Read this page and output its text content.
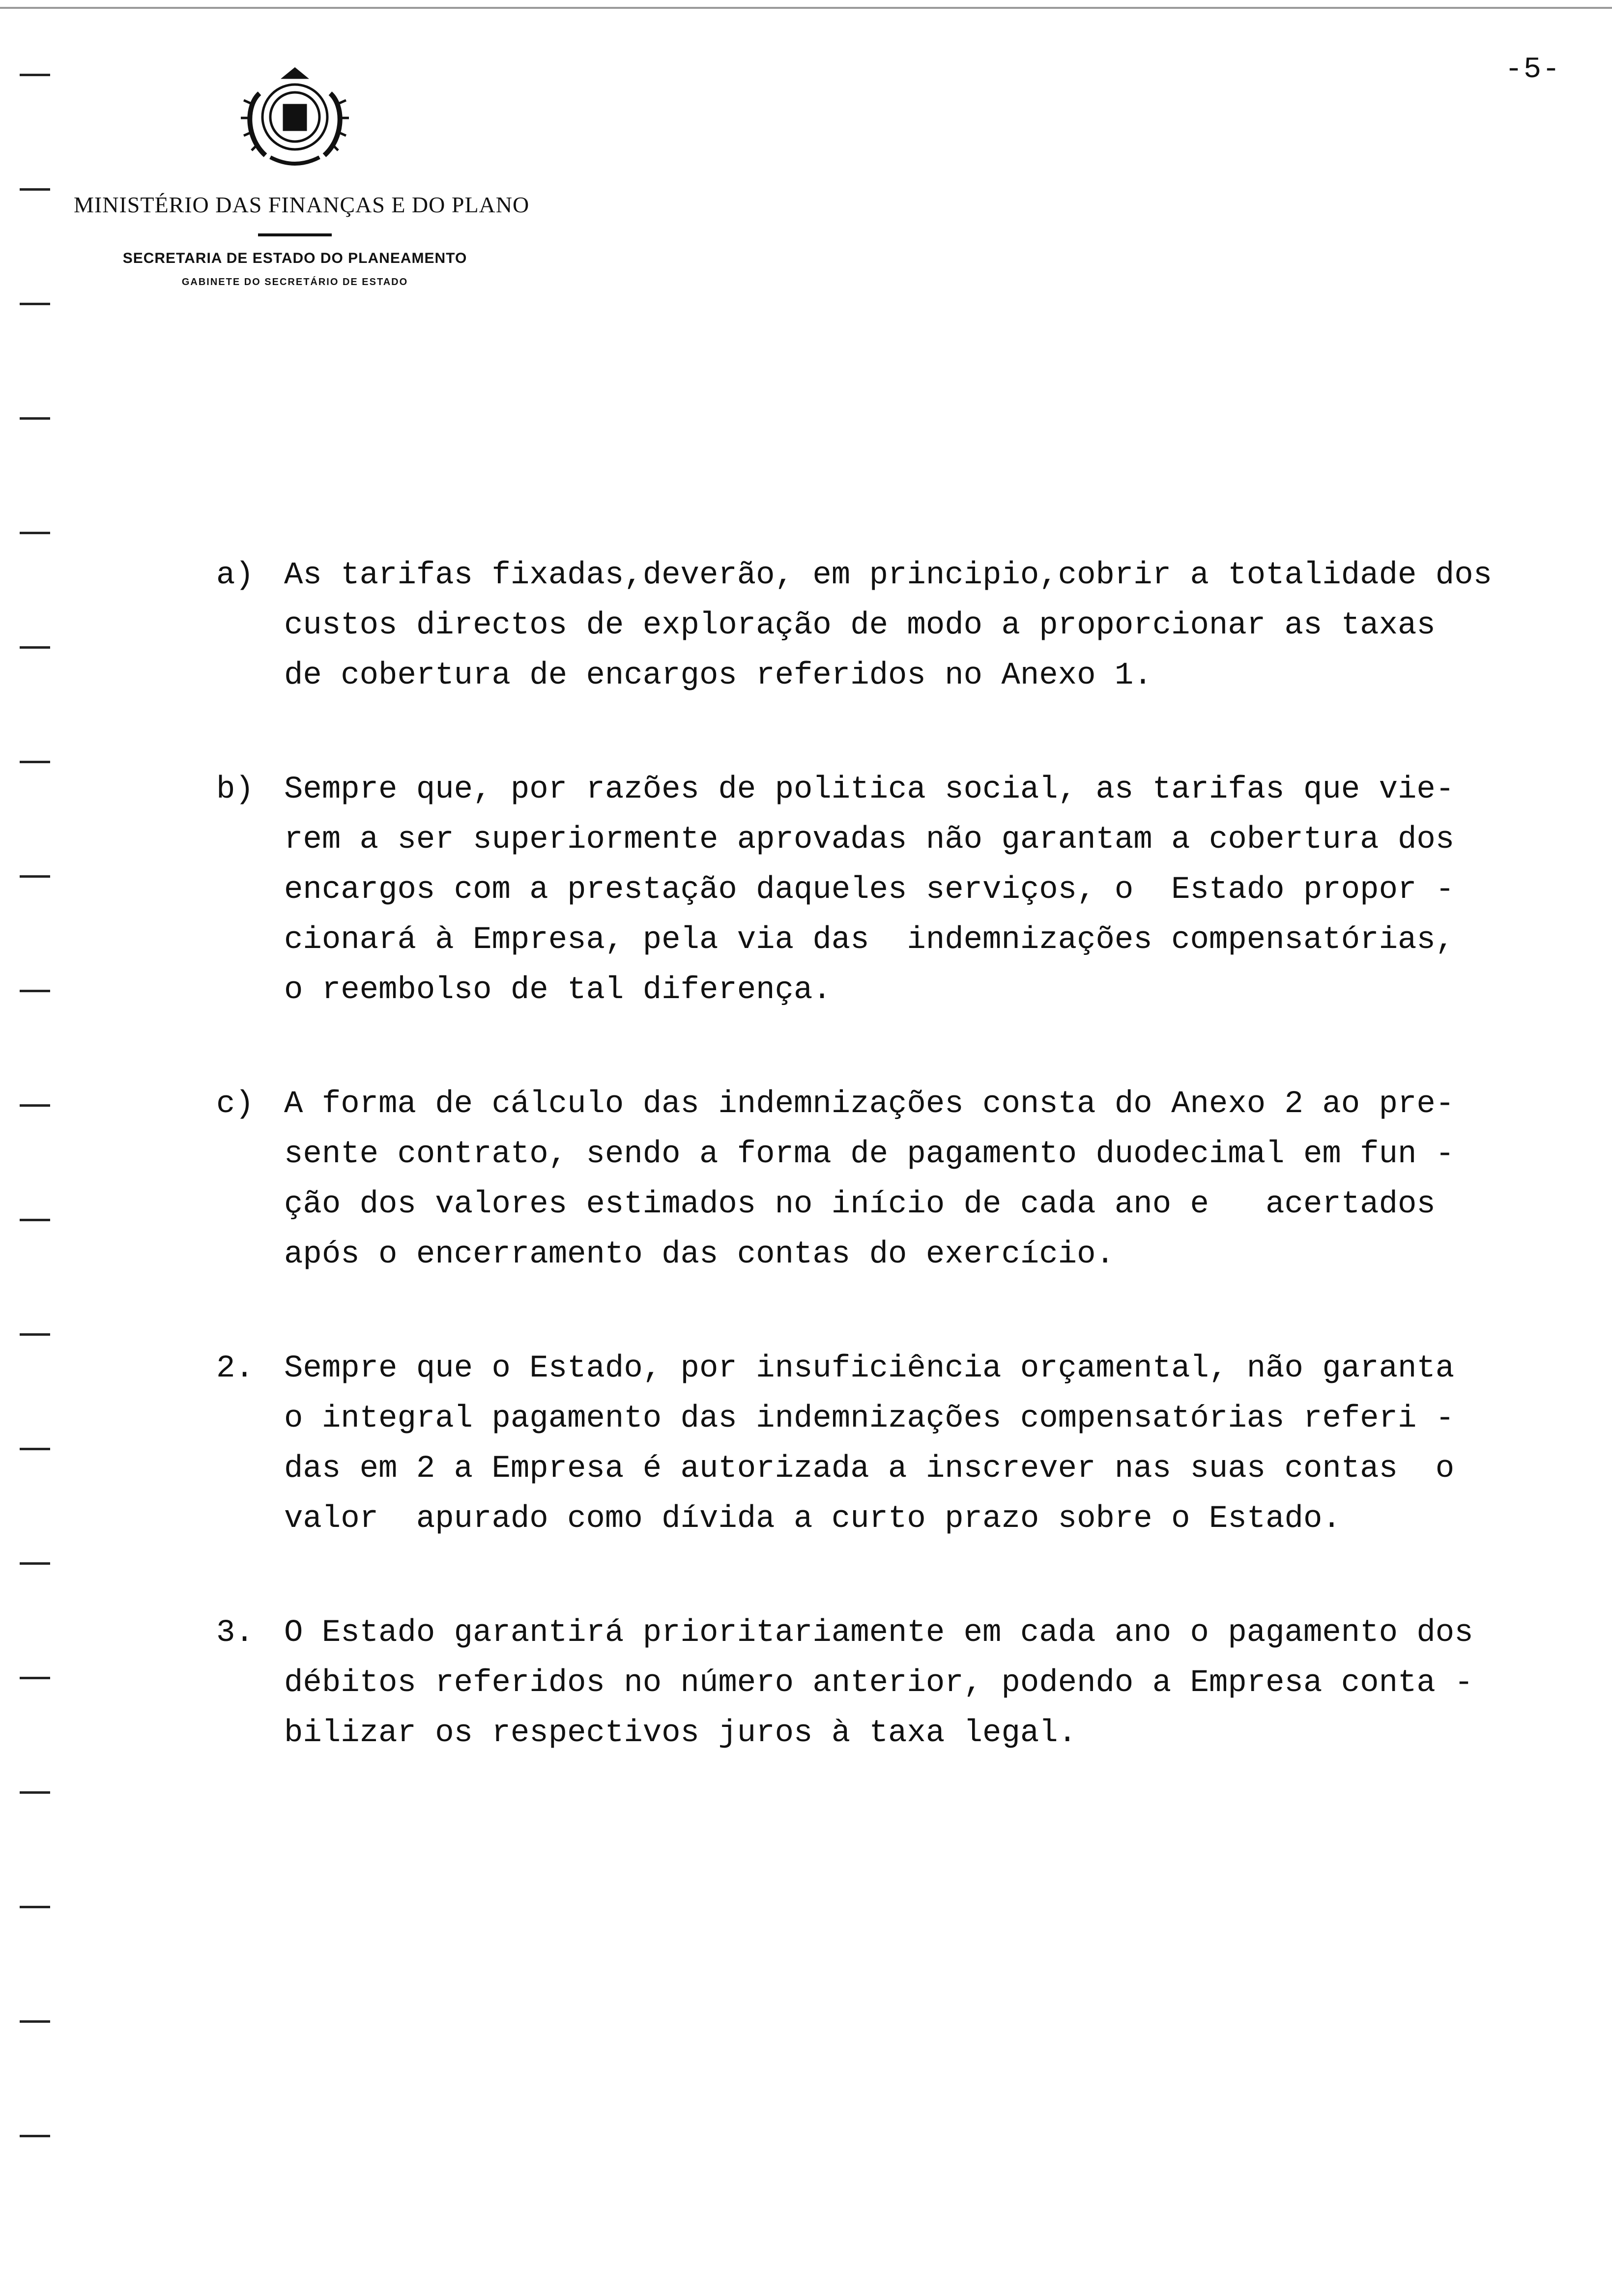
-5-
MINISTÉRIO DAS FINANÇAS E DO PLANO
SECRETARIA DE ESTADO DO PLANEAMENTO
GABINETE DO SECRETÁRIO DE ESTADO
a) As tarifas fixadas,deverão, em principio,cobrir a totalidade dos
custos directos de exploração de modo a proporcionar as taxas
de cobertura de encargos referidos no Anexo 1.
b) Sempre que, por razões de politica social, as tarifas que vie-
rem a ser superiormente aprovadas não garantam a cobertura dos
encargos com a prestação daqueles serviços, o  Estado propor -
cionará à Empresa, pela via das  indemnizações compensatórias,
o reembolso de tal diferença.
c) A forma de cálculo das indemnizações consta do Anexo 2 ao pre-
sente contrato, sendo a forma de pagamento duodecimal em fun -
ção dos valores estimados no início de cada ano e   acertados
após o encerramento das contas do exercício.
2. Sempre que o Estado, por insuficiência orçamental, não garanta
o integral pagamento das indemnizações compensatórias referi -
das em 2 a Empresa é autorizada a inscrever nas suas contas  o
valor  apurado como dívida a curto prazo sobre o Estado.
3. O Estado garantirá prioritariamente em cada ano o pagamento dos
débitos referidos no número anterior, podendo a Empresa conta -
bilizar os respectivos juros à taxa legal.
